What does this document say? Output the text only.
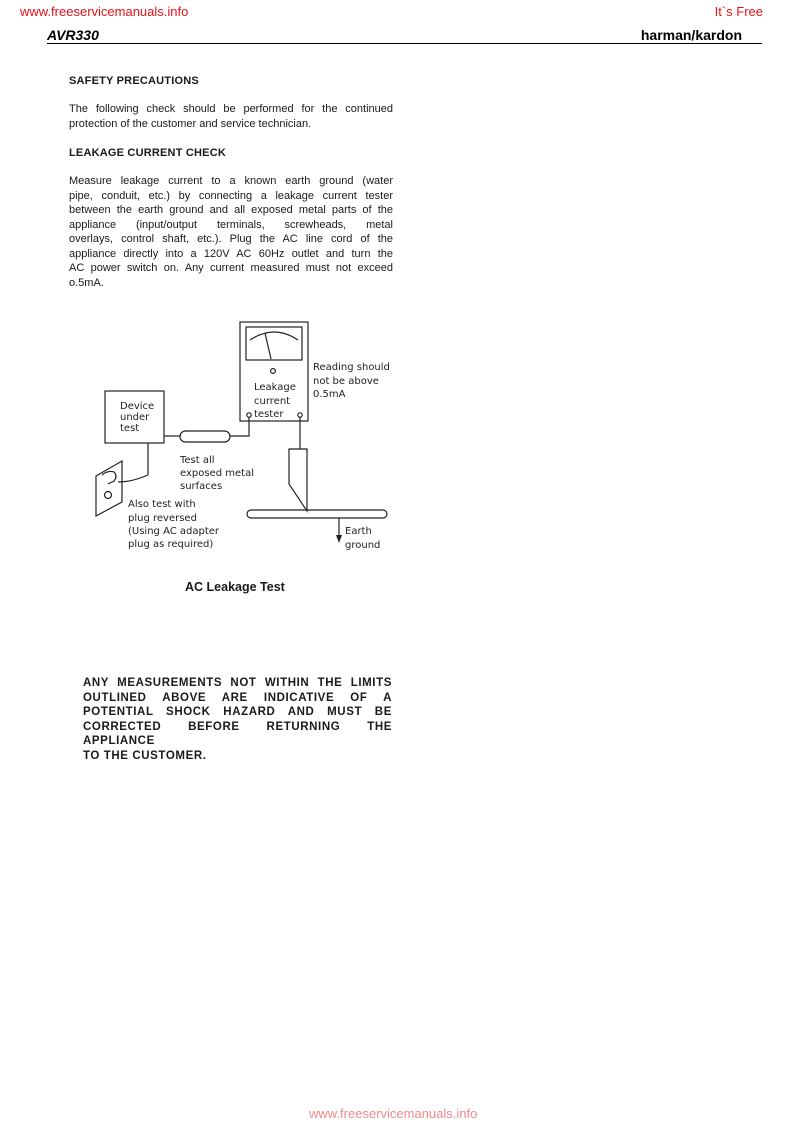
www.freeservicemanuals.info	It`s Free
AVR330	harman/kardon
SAFETY PRECAUTIONS
The following check should be performed for the continued
protection of the customer and service technician.
LEAKAGE CURRENT CHECK
Measure leakage current to a known earth ground (water
pipe, conduit, etc.) by connecting a leakage current tester
between the earth ground and all exposed metal parts of the
appliance (input/output terminals, screwheads, metal
overlays, control shaft, etc.). Plug the AC line cord of the
appliance directly into a 120V AC 60Hz outlet and turn the
AC power switch on. Any current measured must not exceed
o.5mA.
Device
under
test
Leakage
current
tester
Reading should
not be above
0.5mA
Test all
exposed metal
surfaces
Also test with
plug reversed
(Using AC adapter
plug as required)
Earth
ground
AC Leakage Test
ANY MEASUREMENTS NOT WITHIN THE LIMITS
OUTLINED ABOVE ARE INDICATIVE OF A
POTENTIAL SHOCK HAZARD AND MUST BE
CORRECTED BEFORE RETURNING THE APPLIANCE
TO THE CUSTOMER.
www.freeservicemanuals.info
